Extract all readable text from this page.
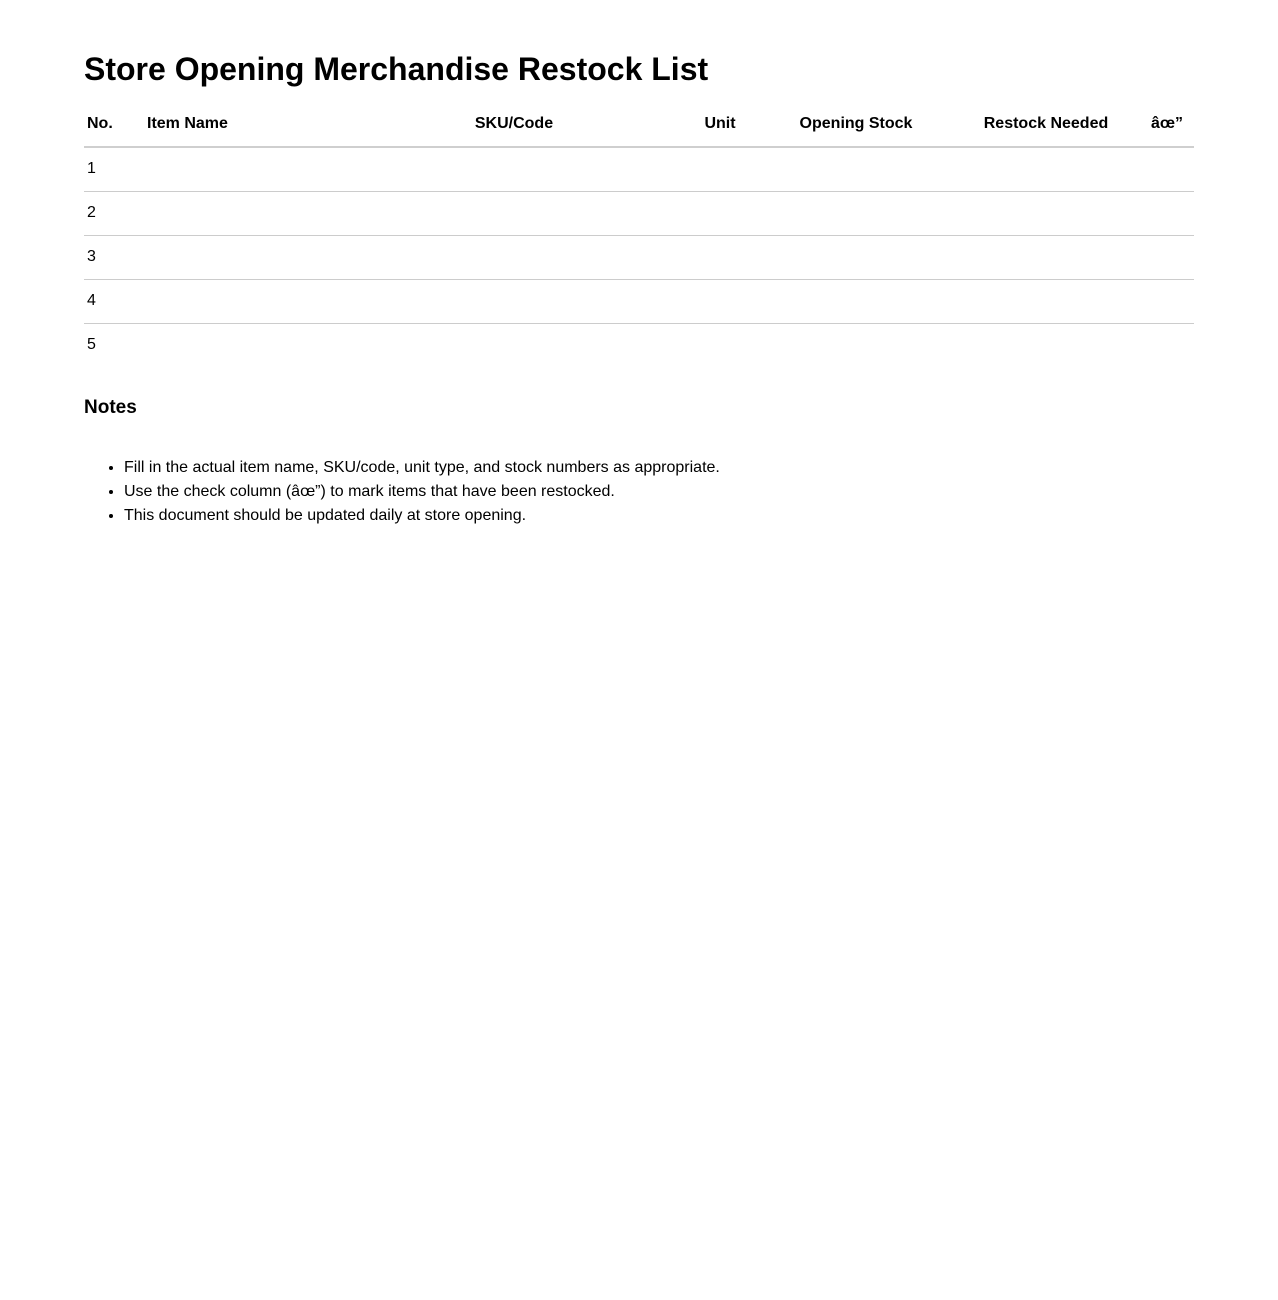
Store Opening Merchandise Restock List
No.	Item Name	SKU/Code	Unit	Opening Stock	Restock Needed	âœ”
1						
2						
3						
4						
5						
Notes
• Fill in the actual item name, SKU/code, unit type, and stock numbers as appropriate.
• Use the check column (âœ”) to mark items that have been restocked.
• This document should be updated daily at store opening.
